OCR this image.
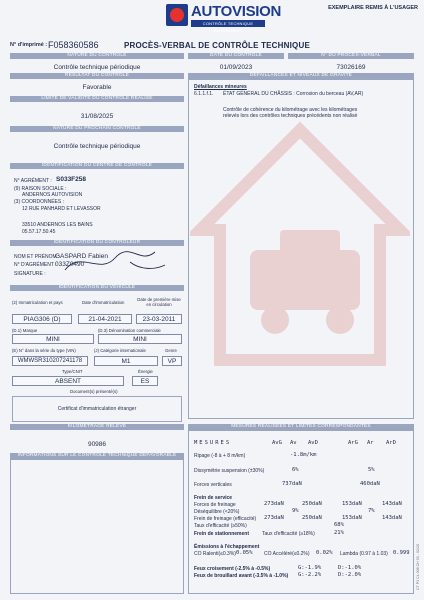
AUTOVISION
CONTRÔLE TECHNIQUE AUTOMOBILE
EXEMPLAIRE REMIS À L'USAGER
N° d'imprimé : F058360586	PROCÈS-VERBAL DE CONTRÔLE TECHNIQUE
NATURE DU CONTRÔLE	DATE DU CONTRÔLE	N° DU PROCÈS-VERBAL
Contrôle technique périodique	01/09/2023	73026169
RÉSULTAT DU CONTRÔLE
Favorable
LIMITE DE VALIDITÉ DU CONTRÔLE RÉALISÉ
31/08/2025
NATURE DU PROCHAIN CONTRÔLE
Contrôle technique périodique
IDENTIFICATION DU CENTRE DE CONTRÔLE
N° AGRÉMENT : S033F258
(9) RAISON SOCIALE :
ANDERNOS AUTOVISION
(3) COORDONNÉES :
12 RUE PANHARD ET LEVASSOR
33510 ANDERNOS LES BAINS
05.57.17.50.45
IDENTIFICATION DU CONTRÔLEUR
NOM ET PRÉNOM :
GASPARD Fabien
N° D'AGRÉMENT :
033Z0490
SIGNATURE :
IDENTIFICATION DU VÉHICULE
(2) Immatriculation et pays	Date d'immatriculation
Date de première mise en circulation
PIAG306 (D)	21-04-2021	23-03-2011
(D.1) Marque	(D.3) Dénomination commerciale
MINI	MINI
(E) N° dans la série du type (VIN)	(J) Catégorie internationale	Genre
WMWSR310207241178	M1	VP
Type/CNIT	Énergie
ABSENT	ES
Document(s) présenté(s)
Certificat d'immatriculation étranger
KILOMÉTRAGE RELEVÉ
90986
INFORMATIONS SUR LE CONTRÔLE TECHNIQUE DÉFAVORABLE
DÉFAILLANCES ET NIVEAUX DE GRAVITÉ
Défaillances mineures
6.1.1.f.1. ÉTAT GÉNÉRAL DU CHÂSSIS : Corrosion du berceau (AV,AR)
Contrôle de cohérence du kilométrage avec les kilométrages
relevés lors des contrôles techniques précédents non réalisé
MESURES RÉALISÉES ET LIMITES CORRESPONDANTES
MESURES	AvG Av AvD	ArG Ar ArD
Ripage (-8 à + 8 m/km)	-1.8m/km
Dissymétrie suspension (±30%)	6%	5%
Forces verticales	737daN	460daN
Frein de service
Forces de freinage	273daN	250daN	153daN	143daN
Déséquilibre (<20%)	9%	7%
Frein de freinage (efficacité) 273daN	250daN	153daN	143daN
Taux d'efficacité (≥50%)	68%
Frein de stationnement	Taux d'efficacité (≥18%)	21%
Émissions à l'échappement
CO Ralenti(≤0.3%) 0.05% CO Accéléré(≤0.2%) 0.02% Lambda (0.97 à 1.03) 0.999
Feux croisement (-2.5% à -0.5%)	G:-1.9%	D:-1.0%
Feux de brouillard avant (-3.5% à -1.0%) G:-2.2%	D:-2.0%	CT P3 CL 008 CH 03 - 02/20
